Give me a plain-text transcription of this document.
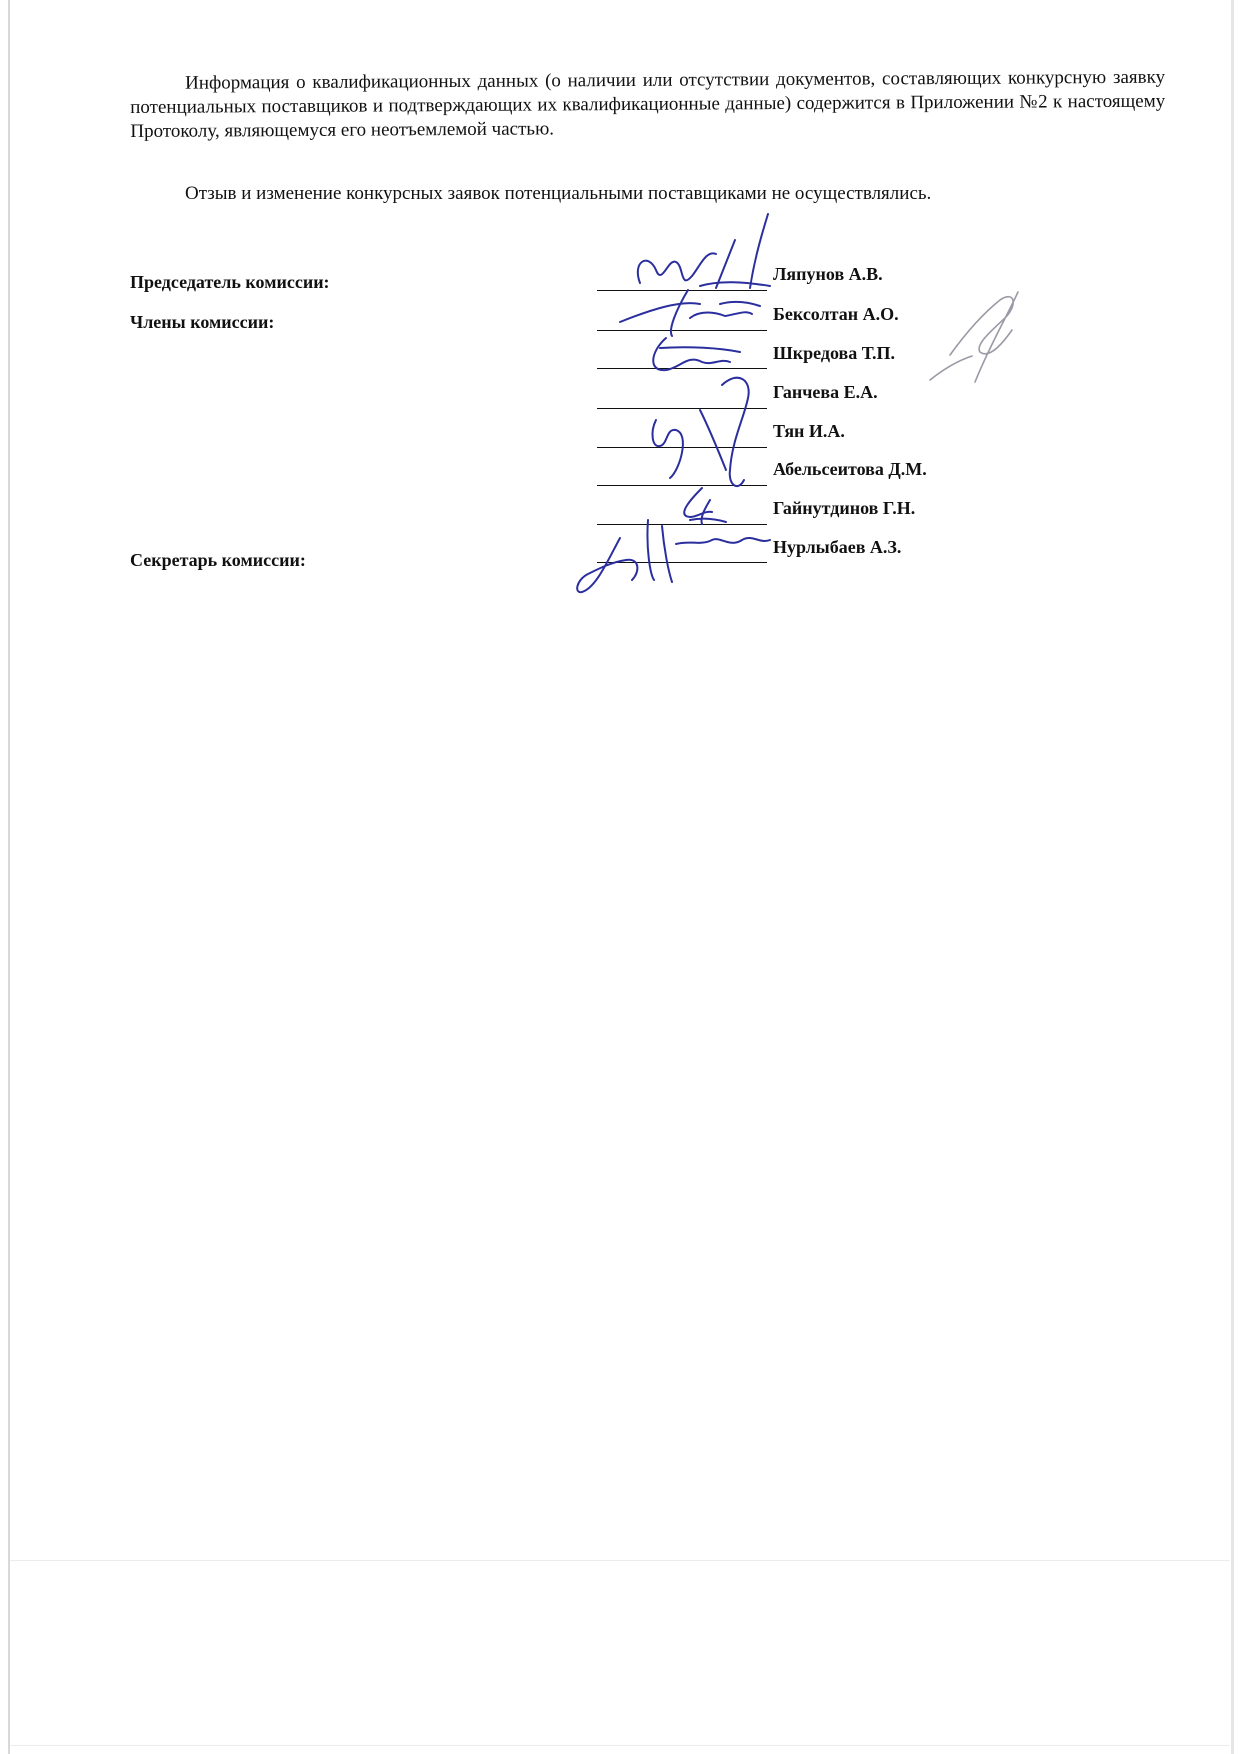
Информация о квалификационных данных (о наличии или отсутствии документов, составляющих конкурсную заявку потенциальных поставщиков и подтверждающих их квалификационные данные) содержится в Приложении №2 к настоящему Протоколу, являющемуся его неотъемлемой частью.

Отзыв и изменение конкурсных заявок потенциальными поставщиками не осуществлялись.

Председатель комиссии:
Члены комиссии:
Секретарь комиссии:
Ляпунов А.В.
Бексолтан А.О.
Шкредова Т.П.
Ганчева Е.А.
Тян И.А.
Абельсеитова Д.М.
Гайнутдинов Г.Н.
Нурлыбаев А.З.
